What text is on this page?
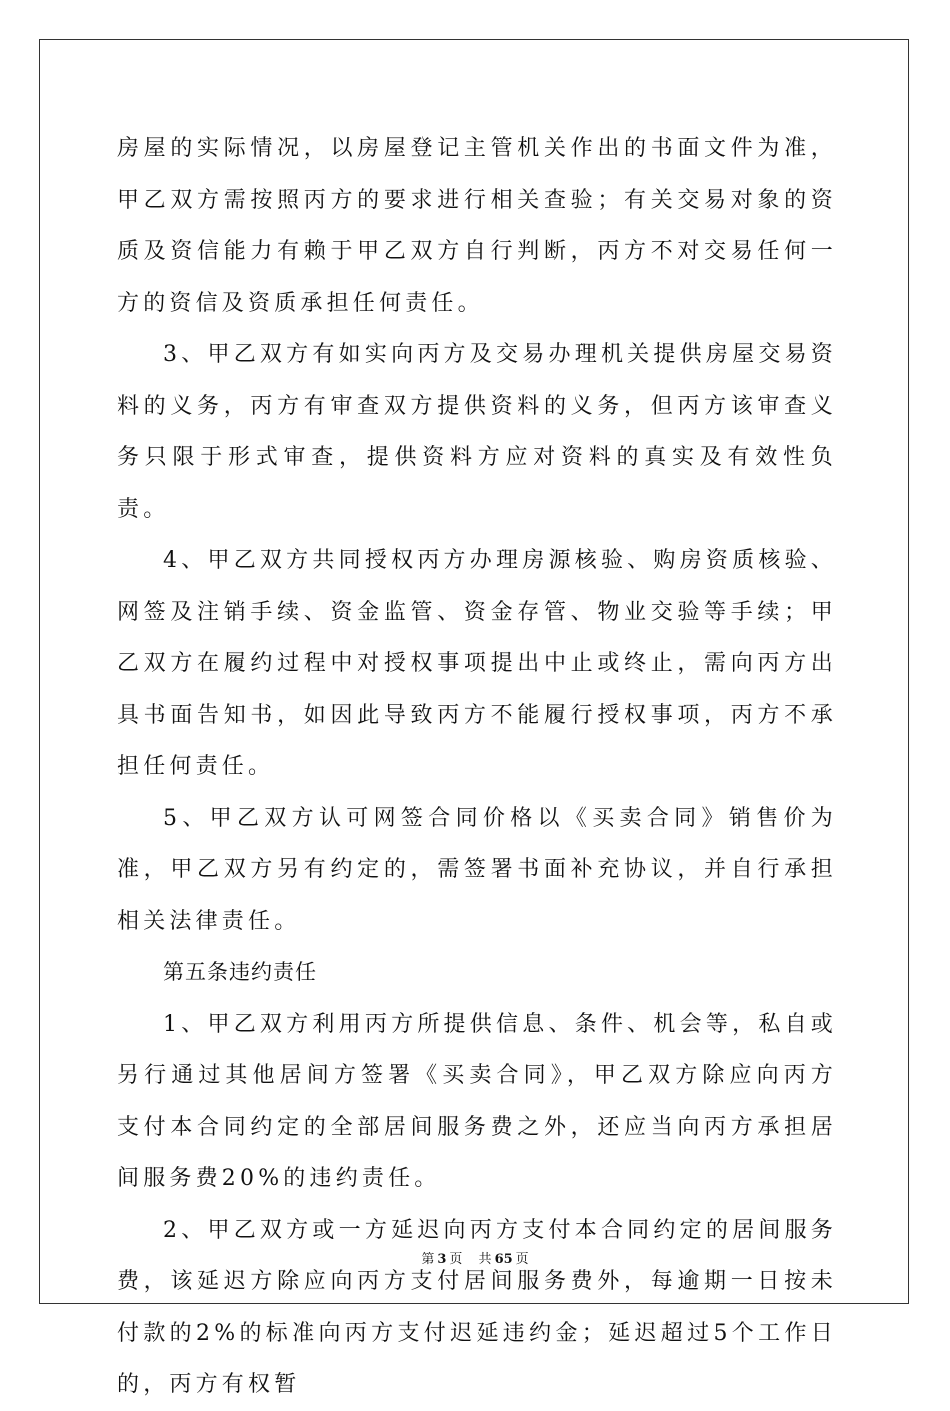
房屋的实际情况，以房屋登记主管机关作出的书面文件为准，甲乙双方需按照丙方的要求进行相关查验；有关交易对象的资质及资信能力有赖于甲乙双方自行判断，丙方不对交易任何一方的资信及资质承担任何责任。

3、甲乙双方有如实向丙方及交易办理机关提供房屋交易资料的义务，丙方有审查双方提供资料的义务，但丙方该审查义务只限于形式审查，提供资料方应对资料的真实及有效性负责。

4、甲乙双方共同授权丙方办理房源核验、购房资质核验、网签及注销手续、资金监管、资金存管、物业交验等手续；甲乙双方在履约过程中对授权事项提出中止或终止，需向丙方出具书面告知书，如因此导致丙方不能履行授权事项，丙方不承担任何责任。

5、甲乙双方认可网签合同价格以《买卖合同》销售价为准，甲乙双方另有约定的，需签署书面补充协议，并自行承担相关法律责任。

第五条违约责任

1、甲乙双方利用丙方所提供信息、条件、机会等，私自或另行通过其他居间方签署《买卖合同》，甲乙双方除应向丙方支付本合同约定的全部居间服务费之外，还应当向丙方承担居间服务费20%的违约责任。

2、甲乙双方或一方延迟向丙方支付本合同约定的居间服务费，该延迟方除应向丙方支付居间服务费外，每逾期一日按未付款的2%的标准向丙方支付迟延违约金；延迟超过5个工作日的，丙方有权暂

第 3 页 共 65 页
